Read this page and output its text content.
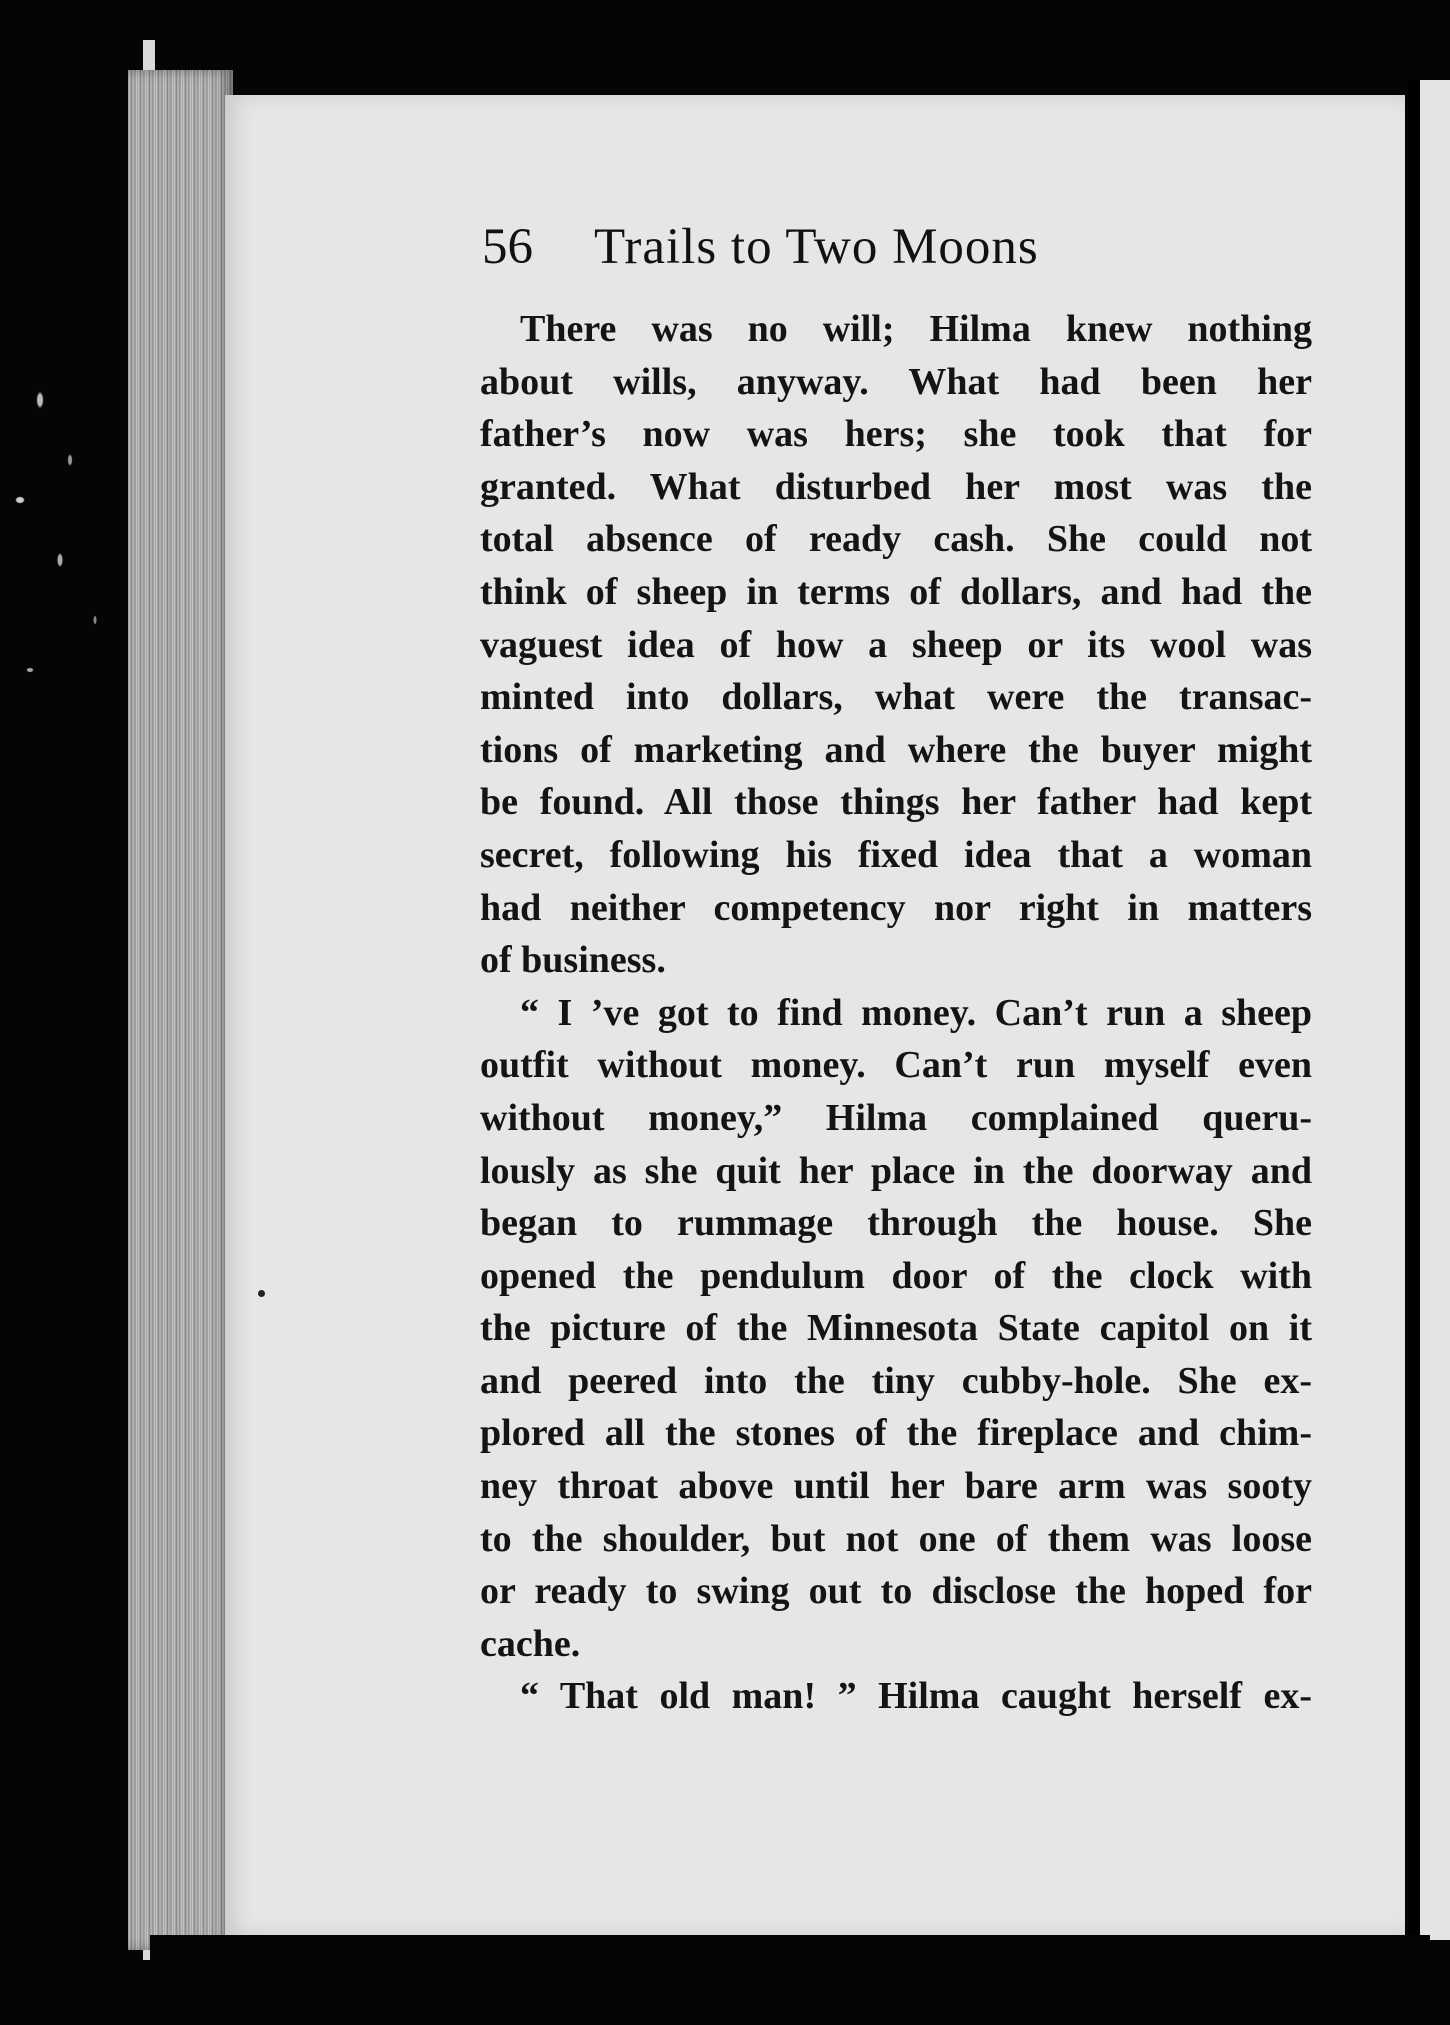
56 Trails to Two Moons

There was no will; Hilma knew nothing

about wills, anyway. What had been her

father’s now was hers; she took that for

granted. What disturbed her most was the

total absence of ready cash. She could not

think of sheep in terms of dollars, and had the

vaguest idea of how a sheep or its wool was

minted into dollars, what were the transac-

tions of marketing and where the buyer might

be found. All those things her father had kept

secret, following his fixed idea that a woman

had neither competency nor right in matters

of business.

“ I ’ve got to find money. Can’t run a sheep

outfit without money. Can’t run myself even

without money,” Hilma complained queru-

lously as she quit her place in the doorway and

began to rummage through the house. She

opened the pendulum door of the clock with

the picture of the Minnesota State capitol on it

and peered into the tiny cubby-hole. She ex-

plored all the stones of the fireplace and chim-

ney throat above until her bare arm was sooty

to the shoulder, but not one of them was loose

or ready to swing out to disclose the hoped for

cache.

“ That old man! ” Hilma caught herself ex-
